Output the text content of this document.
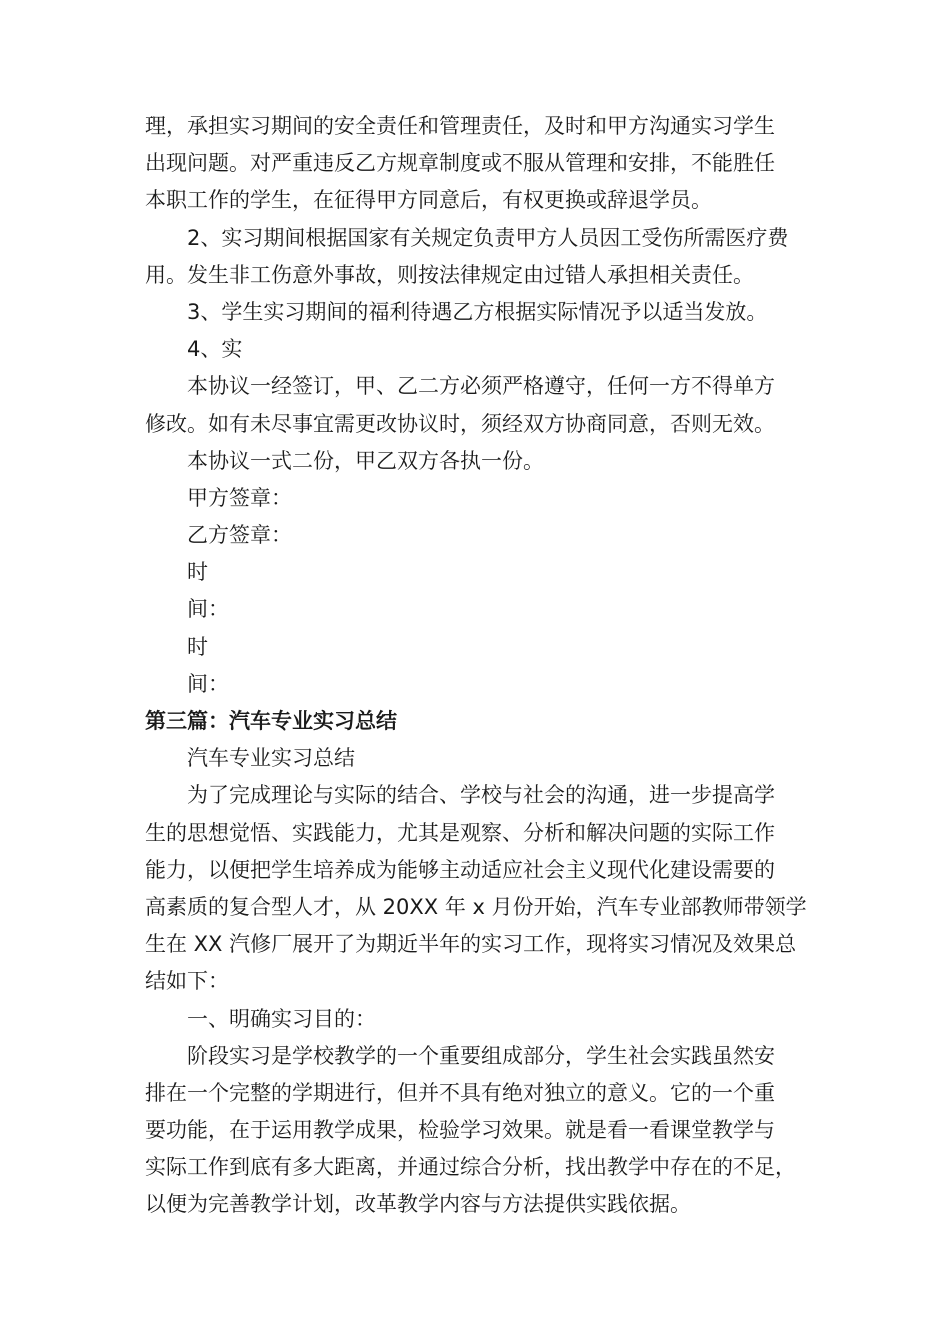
理，承担实习期间的安全责任和管理责任，及时和甲方沟通实习学生
出现问题。对严重违反乙方规章制度或不服从管理和安排，不能胜任
本职工作的学生，在征得甲方同意后，有权更换或辞退学员。
2、实习期间根据国家有关规定负责甲方人员因工受伤所需医疗费
用。发生非工伤意外事故，则按法律规定由过错人承担相关责任。
3、学生实习期间的福利待遇乙方根据实际情况予以适当发放。
4、实
本协议一经签订，甲、乙二方必须严格遵守，任何一方不得单方
修改。如有未尽事宜需更改协议时，须经双方协商同意，否则无效。
本协议一式二份，甲乙双方各执一份。
甲方签章：
乙方签章：
时
间：
时
间：
第三篇：汽车专业实习总结
汽车专业实习总结
为了完成理论与实际的结合、学校与社会的沟通，进一步提高学
生的思想觉悟、实践能力，尤其是观察、分析和解决问题的实际工作
能力，以便把学生培养成为能够主动适应社会主义现代化建设需要的
高素质的复合型人才，从 20XX 年 x 月份开始，汽车专业部教师带领学
生在 XX 汽修厂展开了为期近半年的实习工作，现将实习情况及效果总
结如下：
一、明确实习目的：
阶段实习是学校教学的一个重要组成部分，学生社会实践虽然安
排在一个完整的学期进行，但并不具有绝对独立的意义。它的一个重
要功能，在于运用教学成果，检验学习效果。就是看一看课堂教学与
实际工作到底有多大距离，并通过综合分析，找出教学中存在的不足，
以便为完善教学计划，改革教学内容与方法提供实践依据。
